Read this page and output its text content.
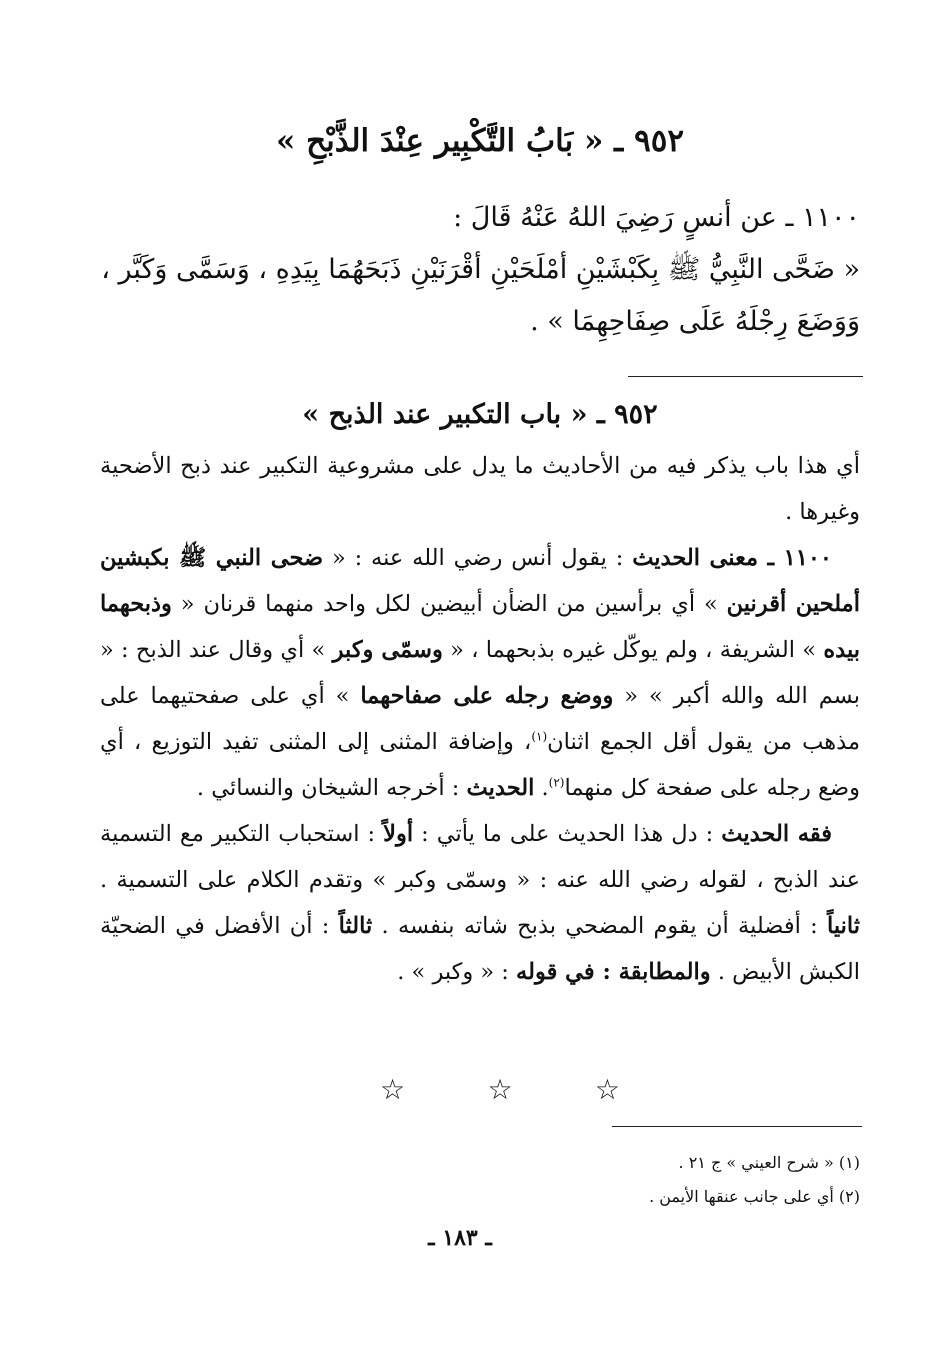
٩٥٢ ـ « بَابُ التَّكْبِير عِنْدَ الذَّبْحِ »

١١٠٠ ـ عن أنسٍ رَضِيَ اللهُ عَنْهُ قَالَ :

« ضَحَّى النَّبِيُّ ﷺ بِكَبْشَيْنِ أمْلَحَيْنِ أقْرَنَيْنِ ذَبَحَهُمَا بِيَدِهِ ، وَسَمَّى وَكَبَّر ، وَوَضَعَ رِجْلَهُ عَلَى صِفَاحِهِمَا » .

٩٥٢ ـ « باب التكبير عند الذبح »

أي هذا باب يذكر فيه من الأحاديث ما يدل على مشروعية التكبير عند ذبح الأضحية وغيرها .

١١٠٠ ـ معنى الحديث : يقول أنس رضي الله عنه : « ضحى النبي ﷺ بكبشين أملحين أقرنين » أي برأسين من الضأن أبيضين لكل واحد منهما قرنان « وذبحهما بيده » الشريفة ، ولم يوكّل غيره بذبحهما ، « وسمّى وكبر » أي وقال عند الذبح : « بسم الله والله أكبر » « ووضع رجله على صفاحهما » أي على صفحتيهما على مذهب من يقول أقل الجمع اثنان$^{(١)}$، وإضافة المثنى إلى المثنى تفيد التوزيع ، أي وضع رجله على صفحة كل منهما$^{(٢)}$. الحديث : أخرجه الشيخان والنسائي .

فقه الحديث : دل هذا الحديث على ما يأتي : أولاً : استحباب التكبير مع التسمية عند الذبح ، لقوله رضي الله عنه : « وسمّى وكبر » وتقدم الكلام على التسمية . ثانياً : أفضلية أن يقوم المضحي بذبح شاته بنفسه . ثالثاً : أن الأفضل في الضحيّة الكبش الأبيض . والمطابقة : في قوله : « وكبر » .

☆
☆
☆

(١) « شرح العيني » ج ٢١ .

(٢) أي على جانب عنقها الأيمن .

ـ ١٨٣ ـ
